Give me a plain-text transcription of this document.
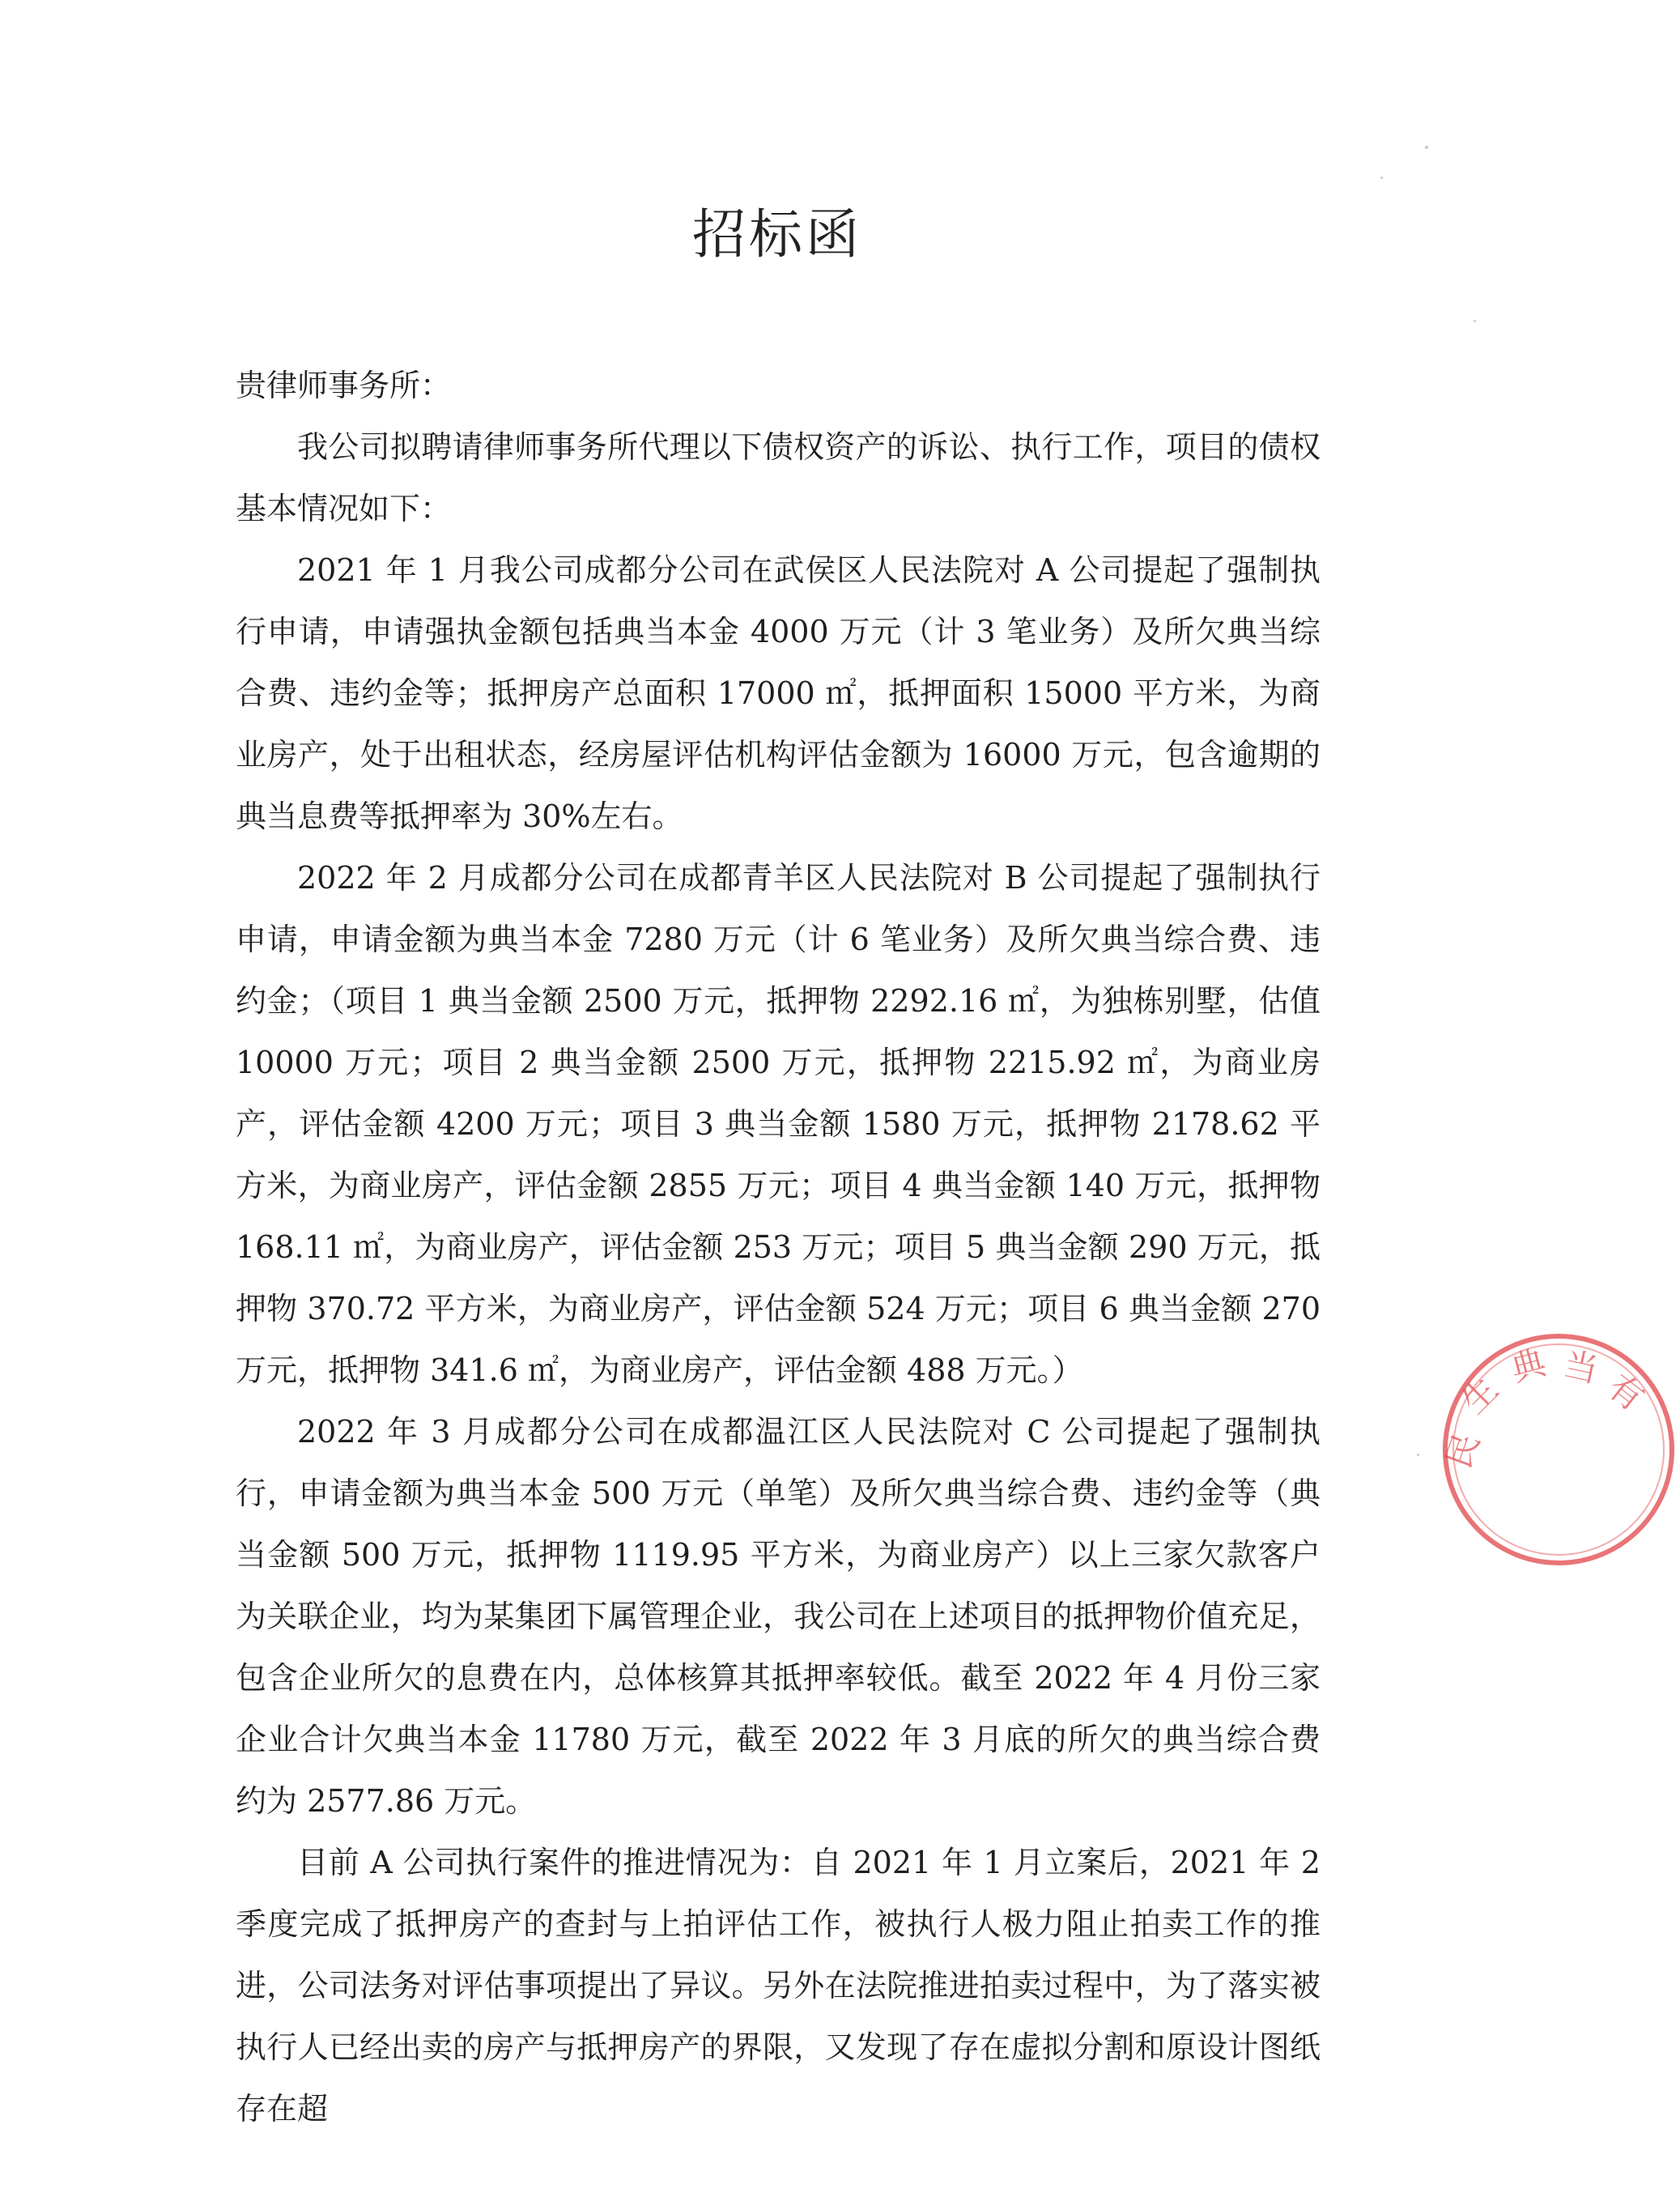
招标函

贵律师事务所：

我公司拟聘请律师事务所代理以下债权资产的诉讼、执行工作，项目的债权基本情况如下：

2021 年 1 月我公司成都分公司在武侯区人民法院对 A 公司提起了强制执行申请，申请强执金额包括典当本金 4000 万元（计 3 笔业务）及所欠典当综合费、违约金等；抵押房产总面积 17000 ㎡，抵押面积 15000 平方米，为商业房产，处于出租状态，经房屋评估机构评估金额为 16000 万元，包含逾期的典当息费等抵押率为 30%左右。

2022 年 2 月成都分公司在成都青羊区人民法院对 B 公司提起了强制执行申请，申请金额为典当本金 7280 万元（计 6 笔业务）及所欠典当综合费、违约金；（项目 1 典当金额 2500 万元，抵押物 2292.16 ㎡，为独栋别墅，估值 10000 万元；项目 2 典当金额 2500 万元，抵押物 2215.92 ㎡，为商业房产，评估金额 4200 万元；项目 3 典当金额 1580 万元，抵押物 2178.62 平方米，为商业房产，评估金额 2855 万元；项目 4 典当金额 140 万元，抵押物 168.11 ㎡，为商业房产，评估金额 253 万元；项目 5 典当金额 290 万元，抵押物 370.72 平方米，为商业房产，评估金额 524 万元；项目 6 典当金额 270 万元，抵押物 341.6 ㎡，为商业房产，评估金额 488 万元。）

2022 年 3 月成都分公司在成都温江区人民法院对 C 公司提起了强制执行，申请金额为典当本金 500 万元（单笔）及所欠典当综合费、违约金等（典当金额 500 万元，抵押物 1119.95 平方米，为商业房产）以上三家欠款客户为关联企业，均为某集团下属管理企业，我公司在上述项目的抵押物价值充足，包含企业所欠的息费在内，总体核算其抵押率较低。截至 2022 年 4 月份三家企业合计欠典当本金 11780 万元，截至 2022 年 3 月底的所欠的典当综合费约为 2577.86 万元。

目前 A 公司执行案件的推进情况为：自 2021 年 1 月立案后，2021 年 2 季度完成了抵押房产的查封与上拍评估工作，被执行人极力阻止拍卖工作的推进，公司法务对评估事项提出了异议。另外在法院推进拍卖过程中，为了落实被执行人已经出卖的房产与抵押房产的界限，又发现了存在虚拟分割和原设计图纸存在超

民
生
典 当
有
